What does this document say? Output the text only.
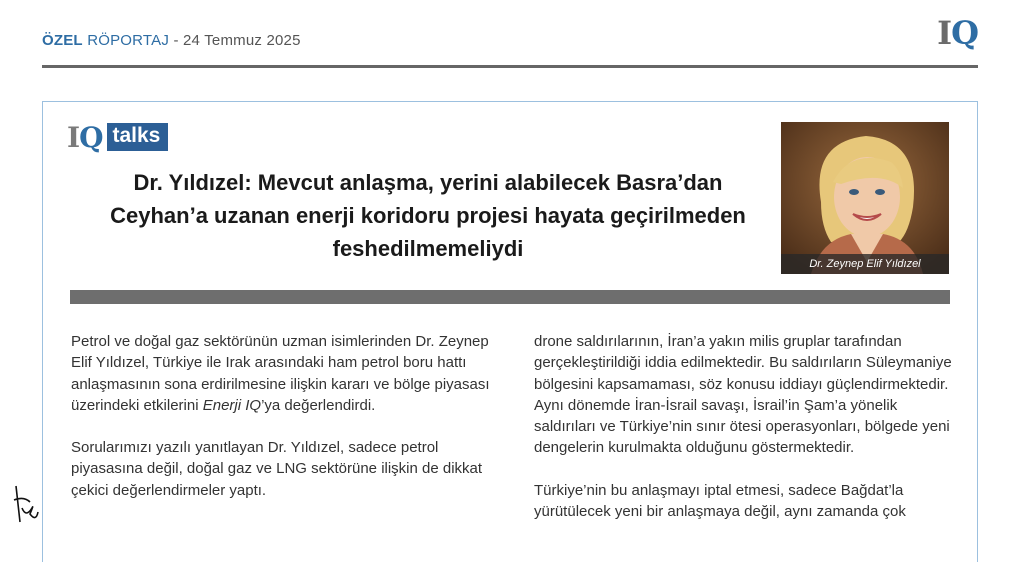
ÖZEL RÖPORTAJ - 24 Temmuz 2025	IQ
IQ talks
Dr. Yıldızel: Mevcut anlaşma, yerini alabilecek Basra’dan Ceyhan’a uzanan enerji koridoru projesi hayata geçirilmeden feshedilmemeliydi
Dr. Zeynep Elif Yıldızel

Petrol ve doğal gaz sektörünün uzman isimlerinden Dr. Zeynep Elif Yıldızel, Türkiye ile Irak arasındaki ham petrol boru hattı anlaşmasının sona erdirilmesine ilişkin kararı ve bölge piyasası üzerindeki etkilerini Enerji IQ’ya değerlendirdi.

Sorularımızı yazılı yanıtlayan Dr. Yıldızel, sadece petrol piyasasına değil, doğal gaz ve LNG sektörüne ilişkin de dikkat çekici değerlendirmeler yaptı.

drone saldırılarının, İran’a yakın milis gruplar tarafından gerçekleştirildiği iddia edilmektedir. Bu saldırıların Süleymaniye bölgesini kapsamaması, söz konusu iddiayı güçlendirmektedir. Aynı dönemde İran-İsrail savaşı, İsrail’in Şam’a yönelik saldırıları ve Türkiye’nin sınır ötesi operasyonları, bölgede yeni dengelerin kurulmakta olduğunu göstermektedir.

Türkiye’nin bu anlaşmayı iptal etmesi, sadece Bağdat’la yürütülecek yeni bir anlaşmaya değil, aynı zamanda çok
